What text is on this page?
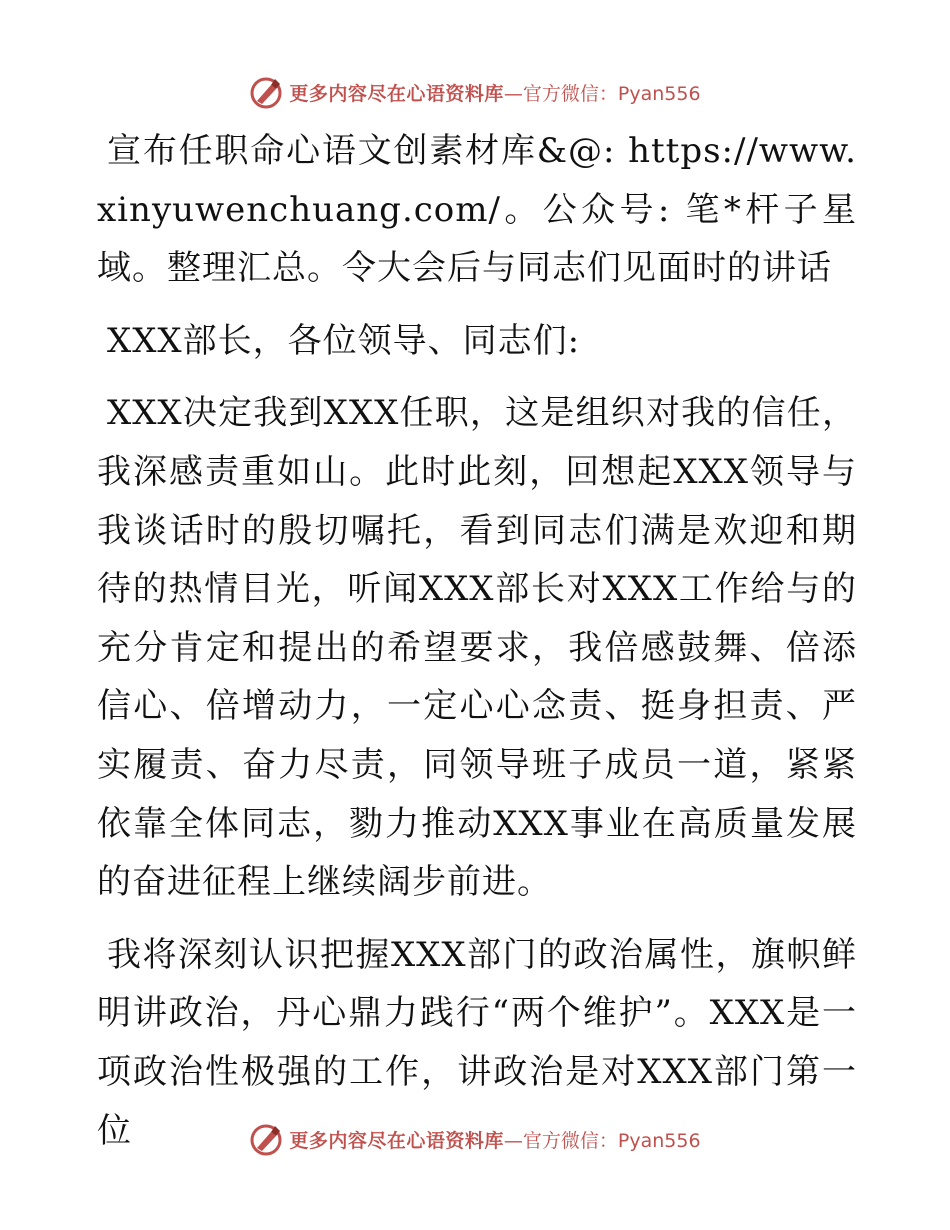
更多内容尽在心语资料库 —官方微信：Pyan556

宣布任职命心语文创素材库&@: https://www.xinyuwenchuang.com/。公众号: 笔*杆子星域。整理汇总。令大会后与同志们见面时的讲话

XXX部长，各位领导、同志们:

XXX决定我到XXX任职，这是组织对我的信任，我深感责重如山。此时此刻，回想起XXX领导与我谈话时的殷切嘱托，看到同志们满是欢迎和期待的热情目光，听闻XXX部长对XXX工作给与的充分肯定和提出的希望要求，我倍感鼓舞、倍添信心、倍增动力，一定心心念责、挺身担责、严实履责、奋力尽责，同领导班子成员一道，紧紧依靠全体同志，勠力推动XXX事业在高质量发展的奋进征程上继续阔步前进。

我将深刻认识把握XXX部门的政治属性，旗帜鲜明讲政治，丹心鼎力践行“两个维护”。XXX是一项政治性极强的工作，讲政治是对XXX部门第一位	更多内容尽在心语资料库 —官方微信：Pyan556
